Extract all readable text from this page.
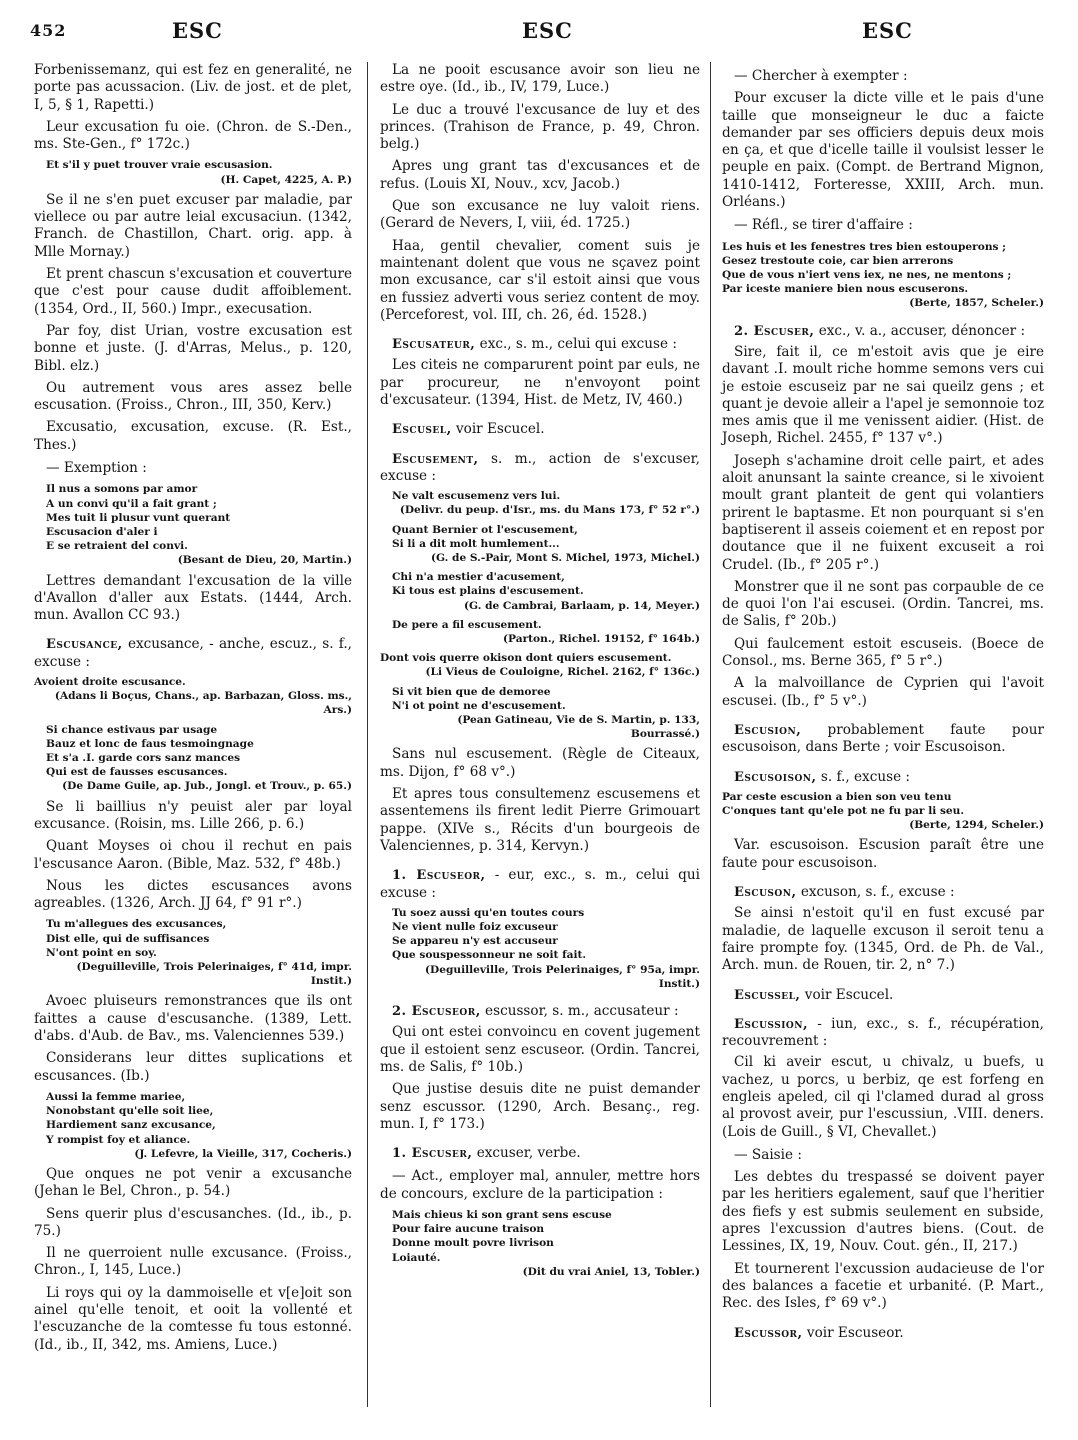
452	ESC	ESC	ESC

Forbenissemanz, qui est fez en generalité, ne porte pas acussacion. (Liv. de jost. et de plet, I, 5, § 1, Rapetti.)

Leur excusation fu oie. (Chron. de S.-Den., ms. Ste-Gen., f° 172c.)

Et s'il y puet trouver vraie escusasion.
(H. Capet, 4225, A. P.)

Se il ne s'en puet excuser par maladie, par viellece ou par autre leial excusaciun. (1342, Franch. de Chastillon, Chart. orig. app. à Mlle Mornay.)

Et prent chascun s'excusation et couverture que c'est pour cause dudit affoiblement. (1354, Ord., II, 560.) Impr., execusation.

Par foy, dist Urian, vostre excusation est bonne et juste. (J. d'Arras, Melus., p. 120, Bibl. elz.)

Ou autrement vous ares assez belle escusation. (Froiss., Chron., III, 350, Kerv.)

Excusatio, excusation, excuse. (R. Est., Thes.)

— Exemption :

Il nus a somons par amor
A un convi qu'il a fait grant ;
Mes tuit li plusur vunt querant
Escusacion d'aler i
E se retraient del convi.
(Besant de Dieu, 20, Martin.)

Lettres demandant l'excusation de la ville d'Avallon d'aller aux Estats. (1444, Arch. mun. Avallon CC 93.)

Escusance, excusance, - anche, escuz., s. f., excuse :

Avoient droite escusance.
(Adans li Boçus, Chans., ap. Barbazan, Gloss. ms., Ars.)
Si chance estivaus par usage
Bauz et lonc de faus tesmoingnage
Et s'a .I. garde cors sanz mances
Qui est de fausses escusances.
(De Dame Guile, ap. Jub., Jongl. et Trouv., p. 65.)

Se li baillius n'y peuist aler par loyal excusance. (Roisin, ms. Lille 266, p. 6.)

Quant Moyses oi chou il rechut en pais l'escusance Aaron. (Bible, Maz. 532, f° 48b.)

Nous les dictes escusances avons agreables. (1326, Arch. JJ 64, f° 91 r°.)

Tu m'allegues des excusances,
Dist elle, qui de suffisances
N'ont point en soy.
(Deguilleville, Trois Pelerinaiges, f° 41d, impr. Instit.)

Avoec pluiseurs remonstrances que ils ont faittes a cause d'escusanche. (1389, Lett. d'abs. d'Aub. de Bav., ms. Valenciennes 539.)

Considerans leur dittes suplications et escusances. (Ib.)

Aussi la femme mariee,
Nonobstant qu'elle soit liee,
Hardiement sanz excusance,
Y rompist foy et aliance.
(J. Lefevre, la Vieille, 317, Cocheris.)

Que onques ne pot venir a excusanche (Jehan le Bel, Chron., p. 54.)

Sens querir plus d'escusanches. (Id., ib., p. 75.)

Il ne querroient nulle excusance. (Froiss., Chron., I, 145, Luce.)

Li roys qui oy la dammoiselle et v[e]oit son ainel qu'elle tenoit, et ooit la vollenté et l'escuzanche de la comtesse fu tous estonné. (Id., ib., II, 342, ms. Amiens, Luce.)

La ne pooit escusance avoir son lieu ne estre oye. (Id., ib., IV, 179, Luce.)

Le duc a trouvé l'excusance de luy et des princes. (Trahison de France, p. 49, Chron. belg.)

Apres ung grant tas d'excusances et de refus. (Louis XI, Nouv., xcv, Jacob.)

Que son excusance ne luy valoit riens. (Gerard de Nevers, I, viii, éd. 1725.)

Haa, gentil chevalier, coment suis je maintenant dolent que vous ne sçavez point mon excusance, car s'il estoit ainsi que vous en fussiez adverti vous seriez content de moy. (Perceforest, vol. III, ch. 26, éd. 1528.)

Escusateur, exc., s. m., celui qui excuse :

Les citeis ne comparurent point par euls, ne par procureur, ne n'envoyont point d'excusateur. (1394, Hist. de Metz, IV, 460.)

Escusel, voir Escucel.

Escusement, s. m., action de s'excuser, excuse :

Ne valt escusemenz vers lui.
(Delivr. du peup. d'Isr., ms. du Mans 173, f° 52 r°.)
Quant Bernier ot l'escusement,
Si li a dit molt humlement...
(G. de S.-Pair, Mont S. Michel, 1973, Michel.)
Chi n'a mestier d'acusement,
Ki tous est plains d'escusement.
(G. de Cambrai, Barlaam, p. 14, Meyer.)
De pere a fil escusement.
(Parton., Richel. 19152, f° 164b.)
Dont vois querre okison dont quiers escusement.
(Li Vieus de Couloigne, Richel. 2162, f° 136c.)
Si vit bien que de demoree
N'i ot point ne d'escusement.
(Pean Gatineau, Vie de S. Martin, p. 133, Bourrassé.)

Sans nul escusement. (Règle de Citeaux, ms. Dijon, f° 68 v°.)

Et apres tous consultemenz escusemens et assentemens ils firent ledit Pierre Grimouart pappe. (XIVe s., Récits d'un bourgeois de Valenciennes, p. 314, Kervyn.)

1. Escuseor, - eur, exc., s. m., celui qui excuse :

Tu soez aussi qu'en toutes cours
Ne vient nulle foiz excuseur
Se appareu n'y est accuseur
Que souspessonneur ne soit fait.
(Deguilleville, Trois Pelerinaiges, f° 95a, impr. Instit.)

2. Escuseor, escussor, s. m., accusateur :

Qui ont estei convoincu en covent jugement que il estoient senz escuseor. (Ordin. Tancrei, ms. de Salis, f° 10b.)

Que justise desuis dite ne puist demander senz escussor. (1290, Arch. Besanç., reg. mun. I, f° 173.)

1. Escuser, excuser, verbe.

— Act., employer mal, annuler, mettre hors de concours, exclure de la participation :

Mais chieus ki son grant sens escuse
Pour faire aucune traison
Donne moult povre livrison
Loiauté.
(Dit du vrai Aniel, 13, Tobler.)

— Chercher à exempter :

Pour excuser la dicte ville et le pais d'une taille que monseigneur le duc a faicte demander par ses officiers depuis deux mois en ça, et que d'icelle taille il voulsist lesser le peuple en paix. (Compt. de Bertrand Mignon, 1410-1412, Forteresse, XXIII, Arch. mun. Orléans.)

— Réfl., se tirer d'affaire :

Les huis et les fenestres tres bien estouperons ;
Gesez trestoute coie, car bien arrerons
Que de vous n'iert vens iex, ne nes, ne mentons ;
Par iceste maniere bien nous escuserons.
(Berte, 1857, Scheler.)

2. Escuser, exc., v. a., accuser, dénoncer :

Sire, fait il, ce m'estoit avis que je eire davant .I. moult riche homme semons vers cui je estoie escuseiz par ne sai queilz gens ; et quant je devoie alleir a l'apel je semonnoie toz mes amis que il me venissent aidier. (Hist. de Joseph, Richel. 2455, f° 137 v°.)

Joseph s'achamine droit celle pairt, et ades aloit anunsant la sainte creance, si le xivoient moult grant planteit de gent qui volantiers prirent le baptasme. Et non pourquant si s'en baptiserent il asseis coiement et en repost por doutance que il ne fuixent excuseit a roi Crudel. (Ib., f° 205 r°.)

Monstrer que il ne sont pas corpauble de ce de quoi l'on l'ai escusei. (Ordin. Tancrei, ms. de Salis, f° 20b.)

Qui faulcement estoit escuseis. (Boece de Consol., ms. Berne 365, f° 5 r°.)

A la malvoillance de Cyprien qui l'avoit escusei. (Ib., f° 5 v°.)

Escusion, probablement faute pour escusoison, dans Berte ; voir Escusoison.

Escusoison, s. f., excuse :

Par ceste escusion a bien son veu tenu
C'onques tant qu'ele pot ne fu par li seu.
(Berte, 1294, Scheler.)

Var. escusoison. Escusion paraît être une faute pour escusoison.

Escuson, excuson, s. f., excuse :

Se ainsi n'estoit qu'il en fust excusé par maladie, de laquelle excuson il seroit tenu a faire prompte foy. (1345, Ord. de Ph. de Val., Arch. mun. de Rouen, tir. 2, n° 7.)

Escussel, voir Escucel.

Escussion, - iun, exc., s. f., récupération, recouvrement :

Cil ki aveir escut, u chivalz, u buefs, u vachez, u porcs, u berbiz, qe est forfeng en engleis apeled, cil qi l'clamed durad al gross al provost aveir, pur l'escussiun, .VIII. deners. (Lois de Guill., § VI, Chevallet.)

— Saisie :

Les debtes du trespassé se doivent payer par les heritiers egalement, sauf que l'heritier des fiefs y est submis seulement en subside, apres l'excussion d'autres biens. (Cout. de Lessines, IX, 19, Nouv. Cout. gén., II, 217.)

Et tournerent l'excussion audacieuse de l'or des balances a facetie et urbanité. (P. Mart., Rec. des Isles, f° 69 v°.)

Escussor, voir Escuseor.
